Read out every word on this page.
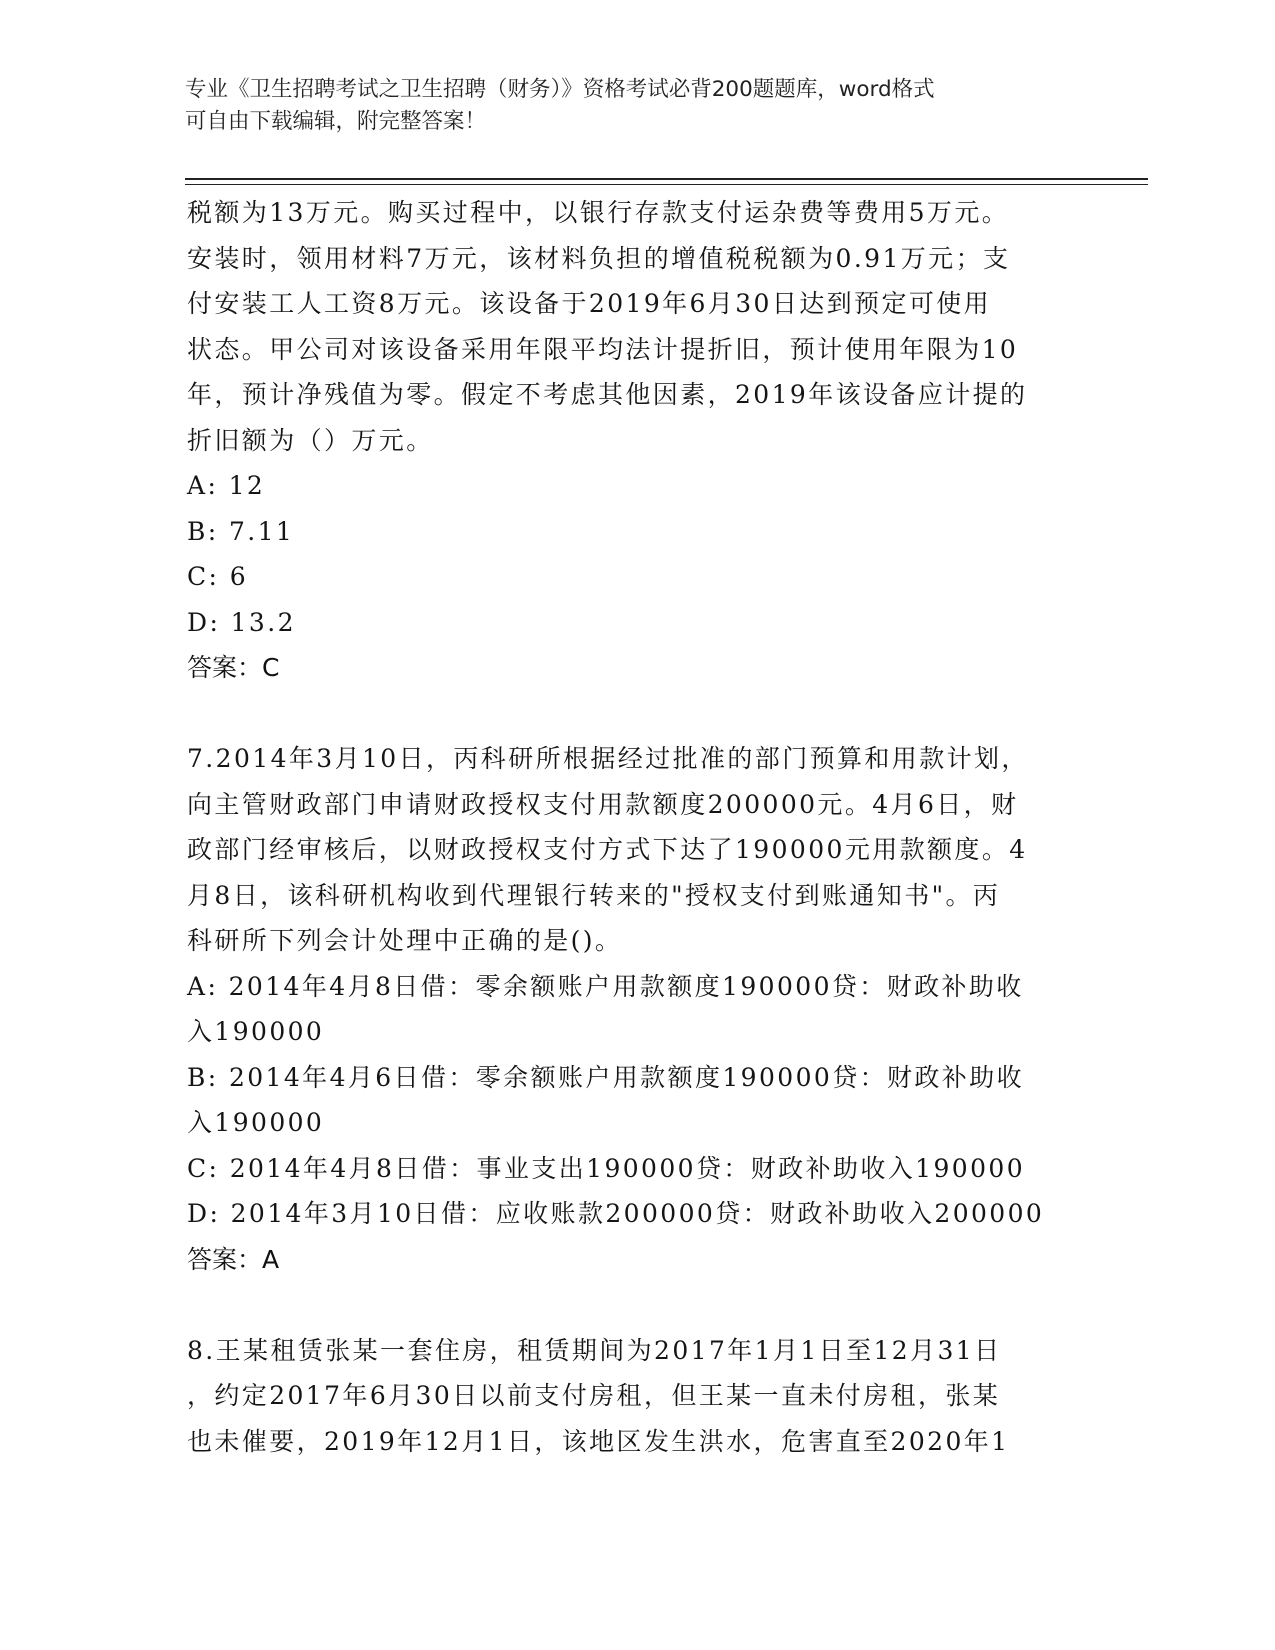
专业《卫生招聘考试之卫生招聘（财务）》资格考试必背200题题库，word格式
可自由下载编辑，附完整答案！
税额为13万元。购买过程中，以银行存款支付运杂费等费用5万元。
安装时，领用材料7万元，该材料负担的增值税税额为0.91万元；支
付安装工人工资8万元。该设备于2019年6月30日达到预定可使用
状态。甲公司对该设备采用年限平均法计提折旧，预计使用年限为10
年，预计净残值为零。假定不考虑其他因素，2019年该设备应计提的
折旧额为（）万元。
A: 12
B: 7.11
C: 6
D: 13.2
答案：C
7.2014年3月10日，丙科研所根据经过批准的部门预算和用款计划，
向主管财政部门申请财政授权支付用款额度200000元。4月6日，财
政部门经审核后，以财政授权支付方式下达了190000元用款额度。4
月8日，该科研机构收到代理银行转来的"授权支付到账通知书"。丙
科研所下列会计处理中正确的是()。
A: 2014年4月8日借：零余额账户用款额度190000贷：财政补助收
入190000
B: 2014年4月6日借：零余额账户用款额度190000贷：财政补助收
入190000
C: 2014年4月8日借：事业支出190000贷：财政补助收入190000
D: 2014年3月10日借：应收账款200000贷：财政补助收入200000
答案：A
8.王某租赁张某一套住房，租赁期间为2017年1月1日至12月31日
，约定2017年6月30日以前支付房租，但王某一直未付房租，张某
也未催要，2019年12月1日，该地区发生洪水，危害直至2020年1
